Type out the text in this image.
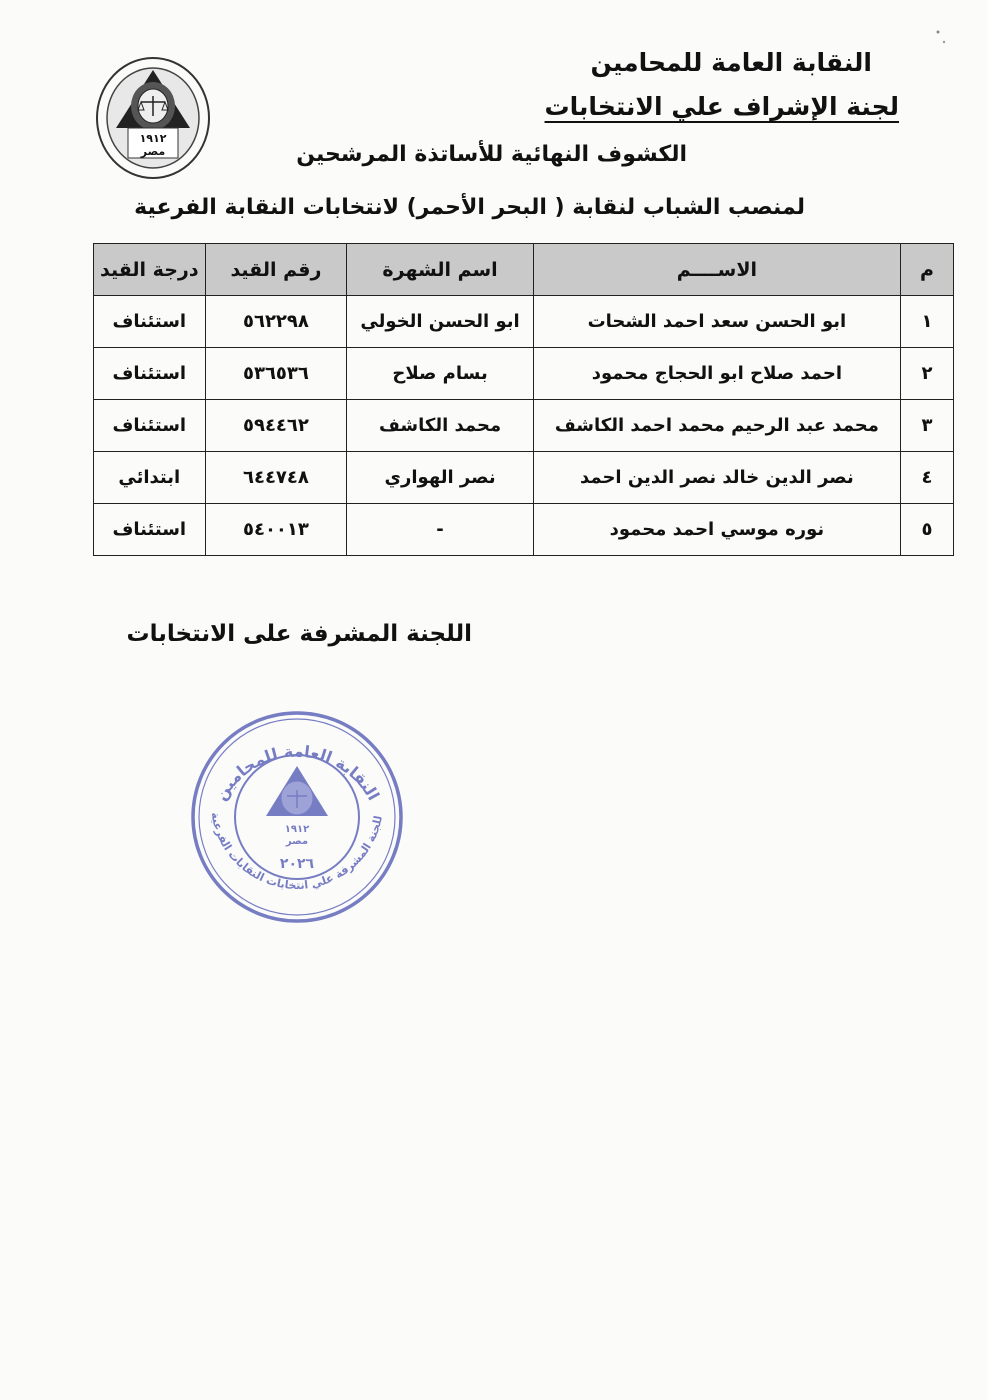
١٩١٢
مصر
النقابة العامة للمحامين
لجنة الإشراف علي الانتخابات
الكشوف النهائية للأساتذة المرشحين
لمنصب الشباب لنقابة ( البحر الأحمر) لانتخابات النقابة الفرعية
م	الاســــم	اسم الشهرة	رقم القيد	درجة القيد
١	ابو الحسن سعد احمد الشحات	ابو الحسن الخولي	٥٦٢٢٩٨	استئناف
٢	احمد صلاح ابو الحجاج محمود	بسام صلاح	٥٣٦٥٣٦	استئناف
٣	محمد عبد الرحيم محمد احمد الكاشف	محمد الكاشف	٥٩٤٤٦٢	استئناف
٤	نصر الدين خالد نصر الدين احمد	نصر الهواري	٦٤٤٧٤٨	ابتدائي
٥	نوره موسي احمد محمود	-	٥٤٠٠١٣	استئناف
اللجنة المشرفة على الانتخابات
النقابة العامة للمحامين
للجنة المشرفة علي انتخابات النقابات الفرعية
١٩١٢
مصر
٢٠٢٦
